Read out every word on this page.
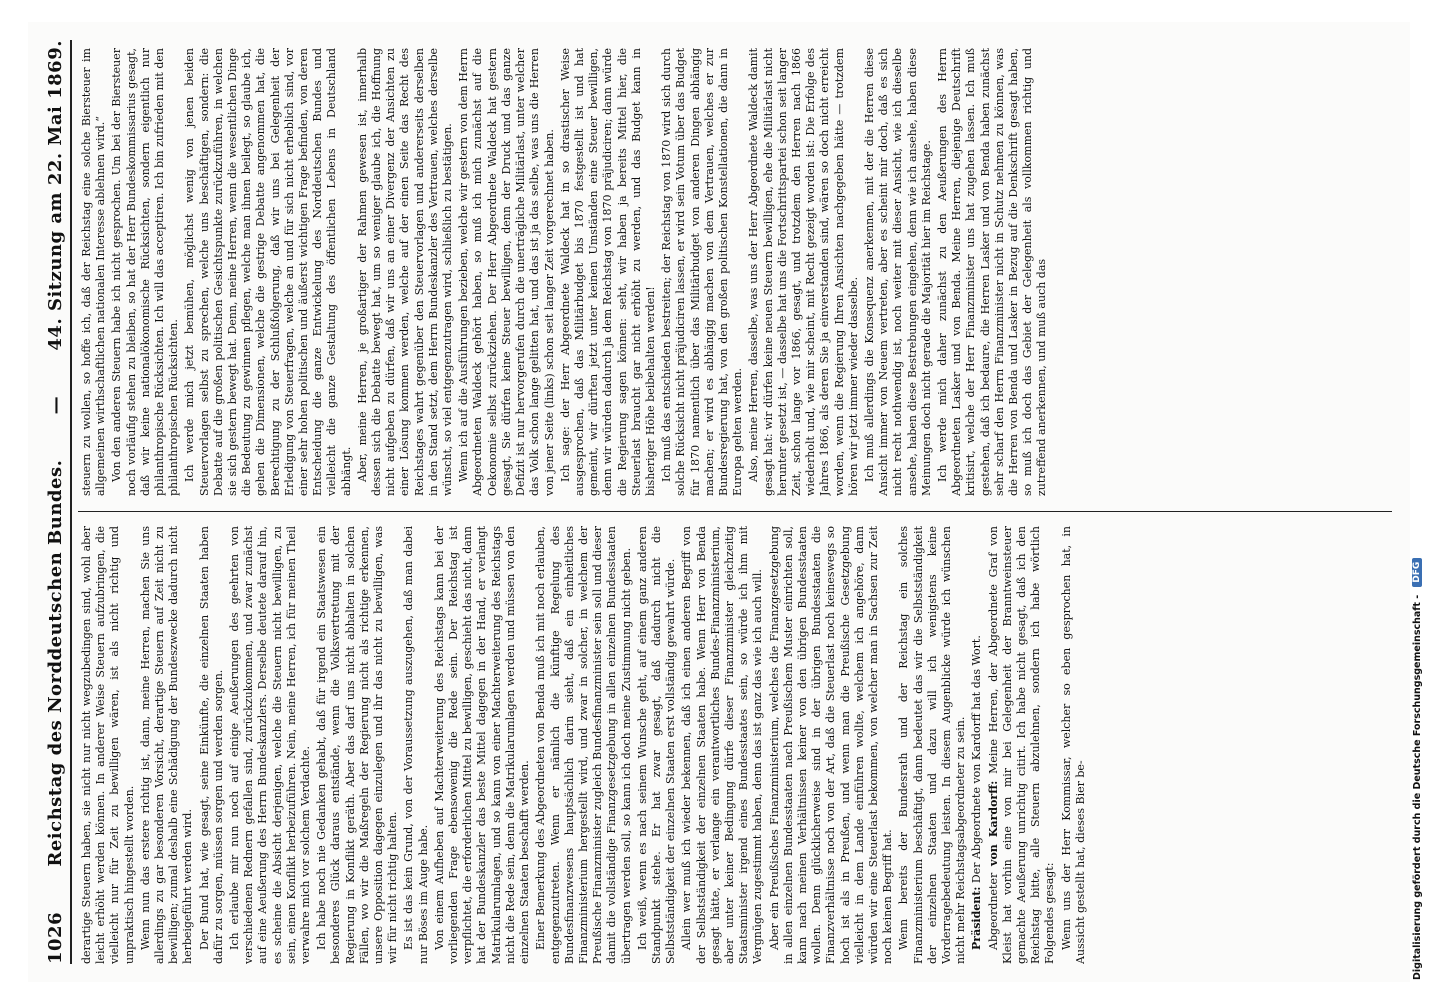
1026
Reichstag des Norddeutschen Bundes.
—
44. Sitzung am 22. Mai 1869.

derartige Steuern haben, sie nicht nur nicht wegzubedingen sind, wohl aber leicht erhöht werden können. In anderer Weise Steuern aufzubringen, die vielleicht nur für Zeit zu bewilligen wären, ist als nicht richtig und unpraktisch hingestellt worden. Wenn nun das erstere richtig ist, dann, meine Herren, machen Sie uns allerdings zu gar besonderen Vorsicht, derartige Steuern auf Zeit nicht zu bewilligen; zumal deshalb eine Schädigung der Bundeszwecke dadurch nicht herbeigeführt werden wird. Der Bund hat, wie gesagt, seine Einkünfte, die einzelnen Staaten haben dafür zu sorgen, müssen sorgen und werden sorgen. Ich erlaube mir nun noch auf einige Aeußerungen des geehrten von verschiedenen Rednern gefallen sind, zurückzukommen, und zwar zunächst auf eine Aeußerung des Herrn Bundeskanzlers. Derselbe deutete darauf hin, es scheine die Absicht derjenigen, welche die Steuern nicht bewilligen, zu sein, einen Konflikt herbeizuführen. Nein, meine Herren, ich für meinen Theil verwahre mich vor solchem Verdachte. Ich habe noch nie Gedanken gehabt, daß für irgend ein Staatswesen ein besonderes Glück daraus entstände, wenn die Volksvertretung mit der Regierung in Konflikt geräth. Aber das darf uns nicht abhalten in solchen Fällen, wo wir die Maßregeln der Regierung nicht als richtige erkennen, unsere Opposition dagegen einzulegen und ihr das nicht zu bewilligen, was wir für nicht richtig halten. Es ist das kein Grund, von der Voraussetzung auszugehen, daß man dabei nur Böses im Auge habe. Von einem Aufheben auf Machterweiterung des Reichstags kann bei der vorliegenden Frage ebensowenig die Rede sein. Der Reichstag ist verpflichtet, die erforderlichen Mittel zu bewilligen, geschieht das nicht, dann hat der Bundeskanzler das beste Mittel dagegen in der Hand, er verlangt Matrikularumlagen, und so kann von einer Machterweiterung des Reichstags nicht die Rede sein, denn die Matrikularumlagen werden und müssen von den einzelnen Staaten beschafft werden. Einer Bemerkung des Abgeordneten von Benda muß ich mit noch erlauben, entgegenzutreten. Wenn er nämlich die künftige Regelung des Bundesfinanzwesens hauptsächlich darin sieht, daß ein einheitliches Finanzministerium hergestellt wird, und zwar in solcher, in welchem der Preußische Finanzminister zugleich Bundesfinanzminister sein soll und dieser damit die vollständige Finanzgesetzgebung in allen einzelnen Bundesstaaten übertragen werden soll, so kann ich doch meine Zustimmung nicht geben. Ich weiß, wenn es nach seinem Wunsche geht, auf einem ganz anderen Standpunkt stehe. Er hat zwar gesagt, daß dadurch nicht die Selbstständigkeit der einzelnen Staaten erst vollständig gewahrt würde. Allein wer muß ich wieder bekennen, daß ich einen anderen Begriff von der Selbstständigkeit der einzelnen Staaten habe. Wenn Herr von Benda gesagt hätte, er verlange ein verantwortliches Bundes-Finanzministerium, aber unter keiner Bedingung dürfe dieser Finanzminister gleichzeitig Staatsminister irgend eines Bundesstaates sein, so würde ich ihm mit Vergnügen zugestimmt haben, denn das ist ganz das wie ich auch will. Aber ein Preußisches Finanzministerium, welches die Finanzgesetzgebung in allen einzelnen Bundesstaaten nach Preußischem Muster einrichten soll, kann nach meinen Verhältnissen keiner von den übrigen Bundesstaaten wollen. Denn glücklicherweise sind in der übrigen Bundesstaaten die Finanzverhältnisse noch von der Art, daß die Steuerlast noch keineswegs so hoch ist als in Preußen, und wenn man die Preußische Gesetzgebung vielleicht in dem Lande einführen wollte, welchem ich angehöre, dann würden wir eine Steuerlast bekommen, von welcher man in Sachsen zur Zeit noch keinen Begriff hat. Wenn bereits der Bundesrath und der Reichstag ein solches Finanzministerium beschäftigt, dann bedeutet das wir die Selbstständigkeit der einzelnen Staaten und dazu will ich wenigstens keine Vorderragebedeutung leisten. In diesem Augenblicke würde ich wünschen nicht mehr Reichstagsabgeordneter zu sein. Präsident: Der Abgeordnete von Kardorff hat das Wort.

Abgeordneter von Kardorff: Meine Herren, der Abgeordnete Graf von Kleist hat vorhin eine von mir bei Gelegenheit der Branntweinsteuer gemachte Aeußerung unrichtig citirt. Ich habe nicht gesagt, daß ich den Reichstag bitte, alle Steuern abzulehnen, sondern ich habe wörtlich Folgendes gesagt: Wenn uns der Herr Kommissar, welcher so eben gesprochen hat, in Aussicht gestellt hat, dieses Bier be-

steuern zu wollen, so hoffe ich, daß der Reichstag eine solche Biersteuer im allgemeinen wirthschaftlichen nationalen Interesse ablehnen wird.“ Von den anderen Steuern habe ich nicht gesprochen. Um bei der Biersteuer noch vorläufig stehen zu bleiben, so hat der Herr Bundeskommissarius gesagt, daß wir keine nationalökonomische Rücksichten, sondern eigentlich nur philanthropische Rücksichten. Ich will das acceptiren. Ich bin zufrieden mit den philanthropischen Rücksichten. Ich werde mich jetzt bemühen, möglichst wenig von jenen beiden Steuervorlagen selbst zu sprechen, welche uns beschäftigen, sondern: die Debatte auf die großen politischen Gesichtspunkte zurückzuführen, in welchen sie sich gestern bewegt hat. Denn, meine Herren, wenn die wesentlichen Dinge die Bedeutung zu gewinnen pflegen, welche man ihnen beilegt, so glaube ich, gehen die Dimensionen, welche die gestrige Debatte angenommen hat, die Berechtigung zu der Schlußfolgerung, daß wir uns bei Gelegenheit der Erledigung von Steuerfragen, welche an und für sich nicht erheblich sind, vor einer sehr hohen politischen und äußerst wichtigen Frage befinden, von deren Entscheidung die ganze Entwickelung des Norddeutschen Bundes und vielleicht die ganze Gestaltung des öffentlichen Lebens in Deutschland abhängt. Aber, meine Herren, je großartiger der Rahmen gewesen ist, innerhalb dessen sich die Debatte bewegt hat, um so weniger glaube ich, die Hoffnung nicht aufgeben zu dürfen, daß wir uns an einer Divergenz der Ansichten zu einer Lösung kommen werden, welche auf der einen Seite das Recht des Reichstages wahrt gegenüber den Steuervorlagen und andererseits derselben in den Stand setzt, dem Herrn Bundeskanzler des Vertrauen, welches derselbe wünscht, so viel entgegenzutragen wird, schließlich zu bestätigen. Wenn ich auf die Ausführungen bezieben, welche wir gestern von dem Herrn Abgeordneten Waldeck gehört haben, so muß ich mich zunächst auf die Oekonomie selbst zurückziehen. Der Herr Abgeordnete Waldeck hat gestern gesagt, Sie dürfen keine Steuer bewilligen, denn der Druck und das ganze Defizit ist nur hervorgerufen durch die unerträgliche Militärlast, unter welcher das Volk schon lange gelitten hat, und das ist ja das selbe, was uns die Herren von jener Seite (links) schon seit langer Zeit vorgerechnet haben. Ich sage: der Herr Abgeordnete Waldeck hat in so drastischer Weise ausgesprochen, daß das Militärbudget bis 1870 festgestellt ist und hat gemeint, wir dürften jetzt unter keinen Umständen eine Steuer bewilligen, denn wir würden dadurch ja dem Reichstag von 1870 präjudiciren; dann würde die Regierung sagen können: seht, wir haben ja bereits Mittel hier, die Steuerlast braucht gar nicht erhöht zu werden, und das Budget kann in bisheriger Höhe beibehalten werden! Ich muß das entschieden bestreiten; der Reichstag von 1870 wird sich durch solche Rücksicht nicht präjudiciren lassen, er wird sein Votum über das Budget für 1870 namentlich über das Militärbudget von anderen Dingen abhängig machen; er wird es abhängig machen von dem Vertrauen, welches er zur Bundesregierung hat, von den großen politischen Konstellationen, die dann in Europa gelten werden. Also, meine Herren, dasselbe, was uns der Herr Abgeordnete Waldeck damit gesagt hat: wir dürfen keine neuen Steuern bewilligen, ehe die Militärlast nicht herunter gesetzt ist, — dasselbe hat uns die Fortschrittspartei schon seit langer Zeit, schon lange vor 1866, gesagt, und trotzdem den Herren nach 1866 wiederholt und, wie mir scheint, mit Recht gezeigt worden ist: Die Erfolge des Jahres 1866, als deren Sie ja einverstanden sind, wären so doch nicht erreicht worden, wenn die Regierung Ihren Ansichten nachgegeben hätte — trotzdem hören wir jetzt immer wieder dasselbe. Ich muß allerdings die Konsequenz anerkennen, mit der die Herren diese Ansicht immer von Neuem vertreten, aber es scheint mir doch, daß es sich nicht recht nothwendig ist, noch weiter mit dieser Ansicht, wie ich dieselbe ansehe, haben diese Bestrebungen eingehen, denn wie ich ansehe, haben diese Meinungen doch nicht gerade die Majorität hier im Reichstage. Ich werde mich daher zunächst zu den Aeußerungen des Herrn Abgeordneten Lasker und von Benda. Meine Herren, diejenige Deutschrift kritisirt, welche der Herr Finanzminister uns hat zugehen lassen. Ich muß gestehen, daß ich bedaure, die Herren Lasker und von Benda haben zunächst sehr scharf den Herrn Finanzminister nicht in Schutz nehmen zu können, was die Herren von Benda und Lasker in Bezug auf die Denkschrift gesagt haben, so muß ich doch das Gebiet der Gelegenheit als vollkommen richtig und zutreffend anerkennen, und muß auch das

Digitalisierung gefördert durch die Deutsche Forschungsgemeinschaft -
DFG
